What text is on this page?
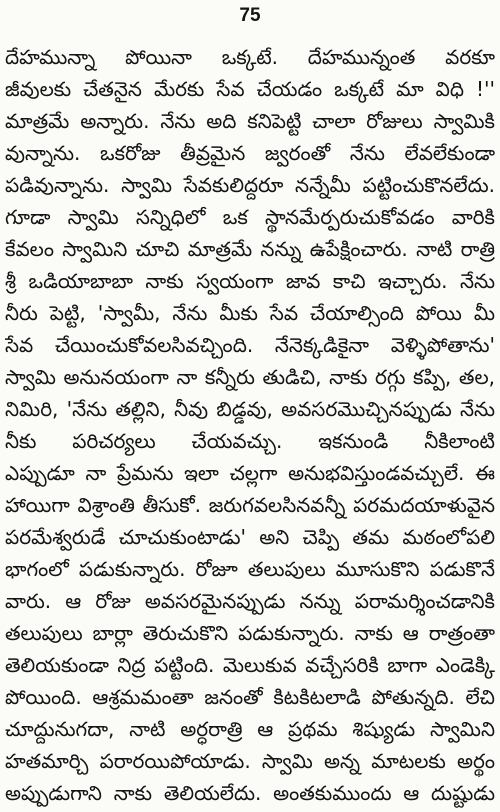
75
దేహమున్నా పోయినా ఒక్కటే. దేహమున్నంత వరకూ
జీవులకు చేతనైన మేరకు సేవ చేయడం ఒక్కటే మా విధి !''
మాత్రమే అన్నారు. నేను అది కనిపెట్టి చాలా రోజులు స్వామికి
వున్నాను. ఒకరోజు తీవ్రమైన జ్వరంతో నేను లేవలేకుండా
పడివున్నాను. స్వామి సేవకులిద్దరూ నన్నేమీ పట్టించుకొనలేదు.
గూడా స్వామి సన్నిధిలో ఒక స్థానమేర్పరుచుకోవడం వారికి
కేవలం స్వామిని చూచి మాత్రమే నన్ను ఉపేక్షించారు. నాటి రాత్రి
శ్రీ ఒడియాబాబా నాకు స్వయంగా జావ కాచి ఇచ్చారు. నేను
నీరు పెట్టి, 'స్వామీ, నేను మీకు సేవ చేయాల్సింది పోయి మీ
సేవ చేయించుకోవలసివచ్చింది. నేనెక్కడికైనా వెళ్ళిపోతాను'
స్వామి అనునయంగా నా కన్నీరు తుడిచి, నాకు రగ్గు కప్పి, తల,
నిమిరి, 'నేను తల్లిని, నీవు బిడ్డవు, అవసరమొచ్చినప్పుడు నేను
నీకు పరిచర్యలు చేయవచ్చు. ఇకనుండి నీకిలాంటి
ఎప్పుడూ నా ప్రేమను ఇలా చల్లగా అనుభవిస్తుండవచ్చులే. ఈ
హాయిగా విశ్రాంతి తీసుకో. జరుగవలసినవన్నీ పరమదయాళువైన
పరమేశ్వరుడే చూచుకుంటాడు' అని చెప్పి తమ మఠంలోపలి
భాగంలో పడుకున్నారు. రోజూ తలుపులు మూసుకొని పడుకొనే
వారు. ఆ రోజు అవసరమైనప్పుడు నన్ను పరామర్శించడానికి
తలుపులు బార్లా తెరుచుకొని పడుకున్నారు. నాకు ఆ రాత్రంతా
తెలియకుండా నిద్ర పట్టింది. మెలుకువ వచ్చేసరికి బాగా ఎండెక్కి
పోయింది. ఆశ్రమమంతా జనంతో కిటకిటలాడి పోతున్నది. లేచి
చూద్దునుగదా, నాటి అర్ధరాత్రి ఆ ప్రథమ శిష్యుడు స్వామిని
హతమార్చి పరారయిపోయాడు. స్వామి అన్న మాటలకు అర్థం
అప్పుడుగాని నాకు తెలియలేదు. అంతకుముందు ఆ దుష్టుడు
